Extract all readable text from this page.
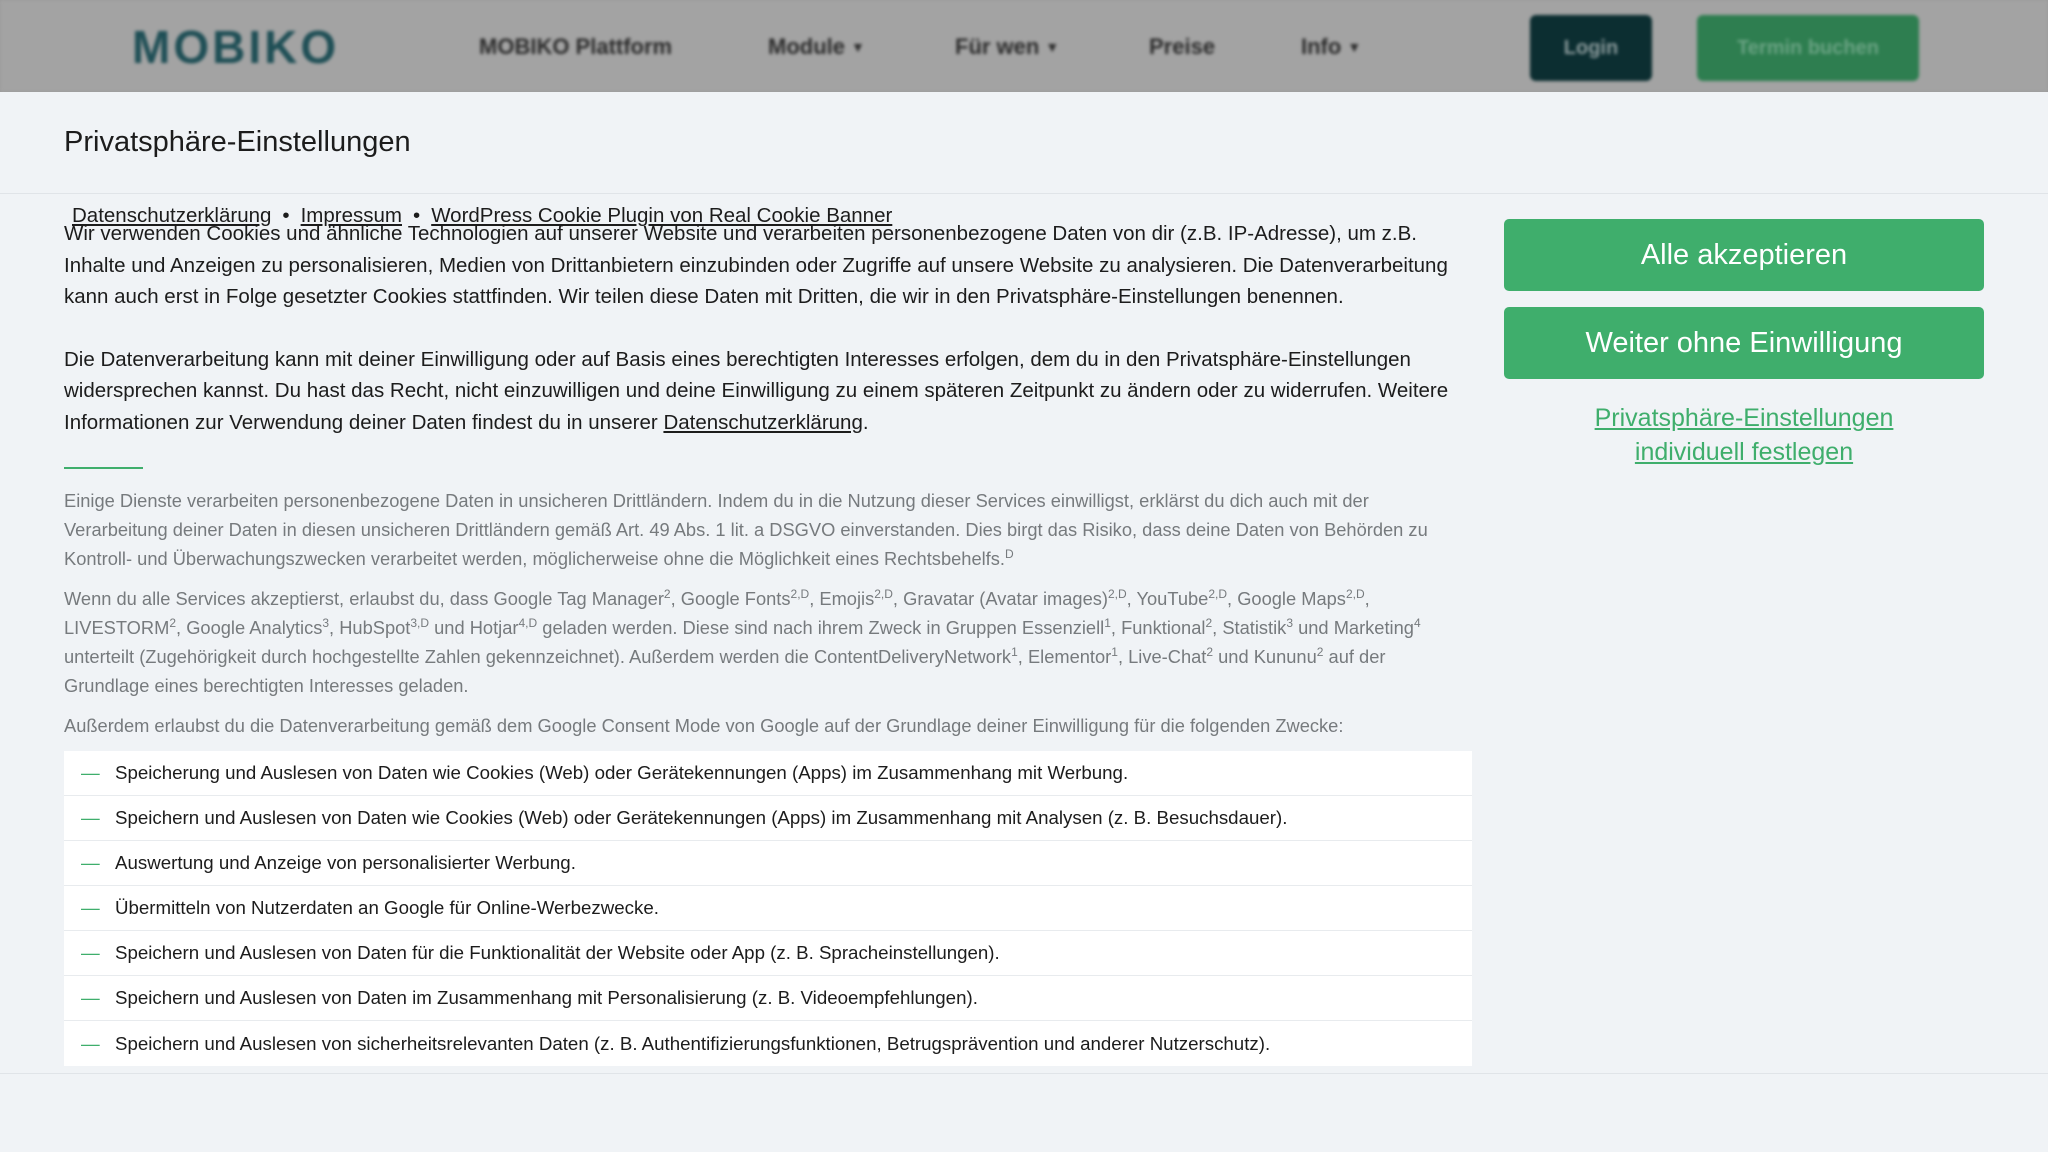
MOBIKO	MOBIKO Plattform	Module ▼	Für wen ▼	Preise	Info ▼	Login	Termin buchen
Privatsphäre-Einstellungen

Wir verwenden Cookies und ähnliche Technologien auf unserer Website und verarbeiten personenbezogene Daten von dir (z.B. IP-Adresse), um z.B. Inhalte und Anzeigen zu personalisieren, Medien von Drittanbietern einzubinden oder Zugriffe auf unsere Website zu analysieren. Die Datenverarbeitung kann auch erst in Folge gesetzter Cookies stattfinden. Wir teilen diese Daten mit Dritten, die wir in den Privatsphäre-Einstellungen benennen.

Die Datenverarbeitung kann mit deiner Einwilligung oder auf Basis eines berechtigten Interesses erfolgen, dem du in den Privatsphäre-Einstellungen widersprechen kannst. Du hast das Recht, nicht einzuwilligen und deine Einwilligung zu einem späteren Zeitpunkt zu ändern oder zu widerrufen. Weitere Informationen zur Verwendung deiner Daten findest du in unserer Datenschutzerklärung.

Einige Dienste verarbeiten personenbezogene Daten in unsicheren Drittländern. Indem du in die Nutzung dieser Services einwilligst, erklärst du dich auch mit der Verarbeitung deiner Daten in diesen unsicheren Drittländern gemäß Art. 49 Abs. 1 lit. a DSGVO einverstanden. Dies birgt das Risiko, dass deine Daten von Behörden zu Kontroll- und Überwachungszwecken verarbeitet werden, möglicherweise ohne die Möglichkeit eines Rechtsbehelfs.$^D$

Wenn du alle Services akzeptierst, erlaubst du, dass Google Tag Manager$^2$, Google Fonts$^{2,D}$, Emojis$^{2,D}$, Gravatar (Avatar images)$^{2,D}$, YouTube$^{2,D}$, Google Maps$^{2,D}$, LIVESTORM$^2$, Google Analytics$^3$, HubSpot$^{3,D}$ und Hotjar$^{4,D}$ geladen werden. Diese sind nach ihrem Zweck in Gruppen Essenziell$^1$, Funktional$^2$, Statistik$^3$ und Marketing$^4$ unterteilt (Zugehörigkeit durch hochgestellte Zahlen gekennzeichnet). Außerdem werden die ContentDeliveryNetwork$^1$, Elementor$^1$, Live-Chat$^2$ und Kununu$^2$ auf der Grundlage eines berechtigten Interesses geladen.

Außerdem erlaubst du die Datenverarbeitung gemäß dem Google Consent Mode von Google auf der Grundlage deiner Einwilligung für die folgenden Zwecke:

— Speicherung und Auslesen von Daten wie Cookies (Web) oder Gerätekennungen (Apps) im Zusammenhang mit Werbung.
— Speichern und Auslesen von Daten wie Cookies (Web) oder Gerätekennungen (Apps) im Zusammenhang mit Analysen (z. B. Besuchsdauer).
— Auswertung und Anzeige von personalisierter Werbung.
— Übermitteln von Nutzerdaten an Google für Online-Werbezwecke.
— Speichern und Auslesen von Daten für die Funktionalität der Website oder App (z. B. Spracheinstellungen).
— Speichern und Auslesen von Daten im Zusammenhang mit Personalisierung (z. B. Videoempfehlungen).
— Speichern und Auslesen von sicherheitsrelevanten Daten (z. B. Authentifizierungsfunktionen, Betrugsprävention und anderer Nutzerschutz).
Alle akzeptieren
Weiter ohne Einwilligung
Privatsphäre-Einstellungen individuell festlegen
Datenschutzerklärung • Impressum • WordPress Cookie Plugin von Real Cookie Banner
